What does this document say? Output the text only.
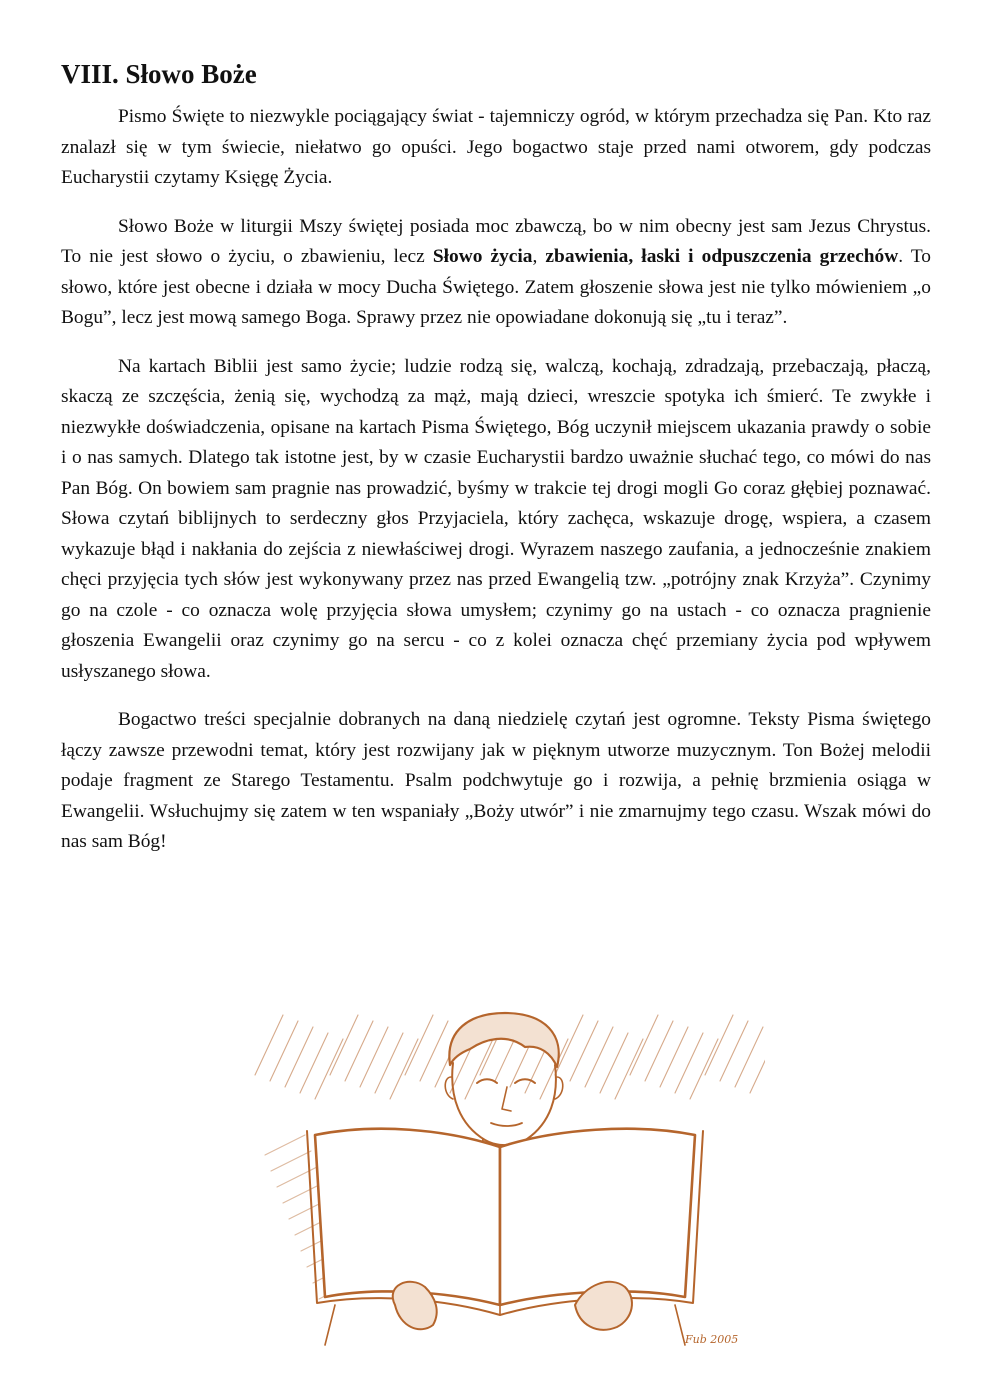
VIII. Słowo Boże

Pismo Święte to niezwykle pociągający świat - tajemniczy ogród, w którym przechadza się Pan. Kto raz znalazł się w tym świecie, niełatwo go opuści. Jego bogactwo staje przed nami otworem, gdy podczas Eucharystii czytamy Księgę Życia.

Słowo Boże w liturgii Mszy świętej posiada moc zbawczą, bo w nim obecny jest sam Jezus Chrystus. To nie jest słowo o życiu, o zbawieniu, lecz Słowo życia, zbawienia, łaski i odpuszczenia grzechów. To słowo, które jest obecne i działa w mocy Ducha Świętego. Zatem głoszenie słowa jest nie tylko mówieniem „o Bogu”, lecz jest mową samego Boga. Sprawy przez nie opowiadane dokonują się „tu i teraz”.

Na kartach Biblii jest samo życie; ludzie rodzą się, walczą, kochają, zdradzają, przebaczają, płaczą, skaczą ze szczęścia, żenią się, wychodzą za mąż, mają dzieci, wreszcie spotyka ich śmierć. Te zwykłe i niezwykłe doświadczenia, opisane na kartach Pisma Świętego, Bóg uczynił miejscem ukazania prawdy o sobie i o nas samych. Dlatego tak istotne jest, by w czasie Eucharystii bardzo uważnie słuchać tego, co mówi do nas Pan Bóg. On bowiem sam pragnie nas prowadzić, byśmy w trakcie tej drogi mogli Go coraz głębiej poznawać. Słowa czytań biblijnych to serdeczny głos Przyjaciela, który zachęca, wskazuje drogę, wspiera, a czasem wykazuje błąd i nakłania do zejścia z niewłaściwej drogi. Wyrazem naszego zaufania, a jednocześnie znakiem chęci przyjęcia tych słów jest wykonywany przez nas przed Ewangelią tzw. „potrójny znak Krzyża”. Czynimy go na czole - co oznacza wolę przyjęcia słowa umysłem; czynimy go na ustach - co oznacza pragnienie głoszenia Ewangelii oraz czynimy go na sercu - co z kolei oznacza chęć przemiany życia pod wpływem usłyszanego słowa.

Bogactwo treści specjalnie dobranych na daną niedzielę czytań jest ogromne. Teksty Pisma świętego łączy zawsze przewodni temat, który jest rozwijany jak w pięknym utworze muzycznym. Ton Bożej melodii podaje fragment ze Starego Testamentu. Psalm podchwytuje go i rozwija, a pełnię brzmienia osiąga w Ewangelii. Wsłuchujmy się zatem w ten wspaniały „Boży utwór” i nie zmarnujmy tego czasu. Wszak mówi do nas sam Bóg!

Fub 2005
